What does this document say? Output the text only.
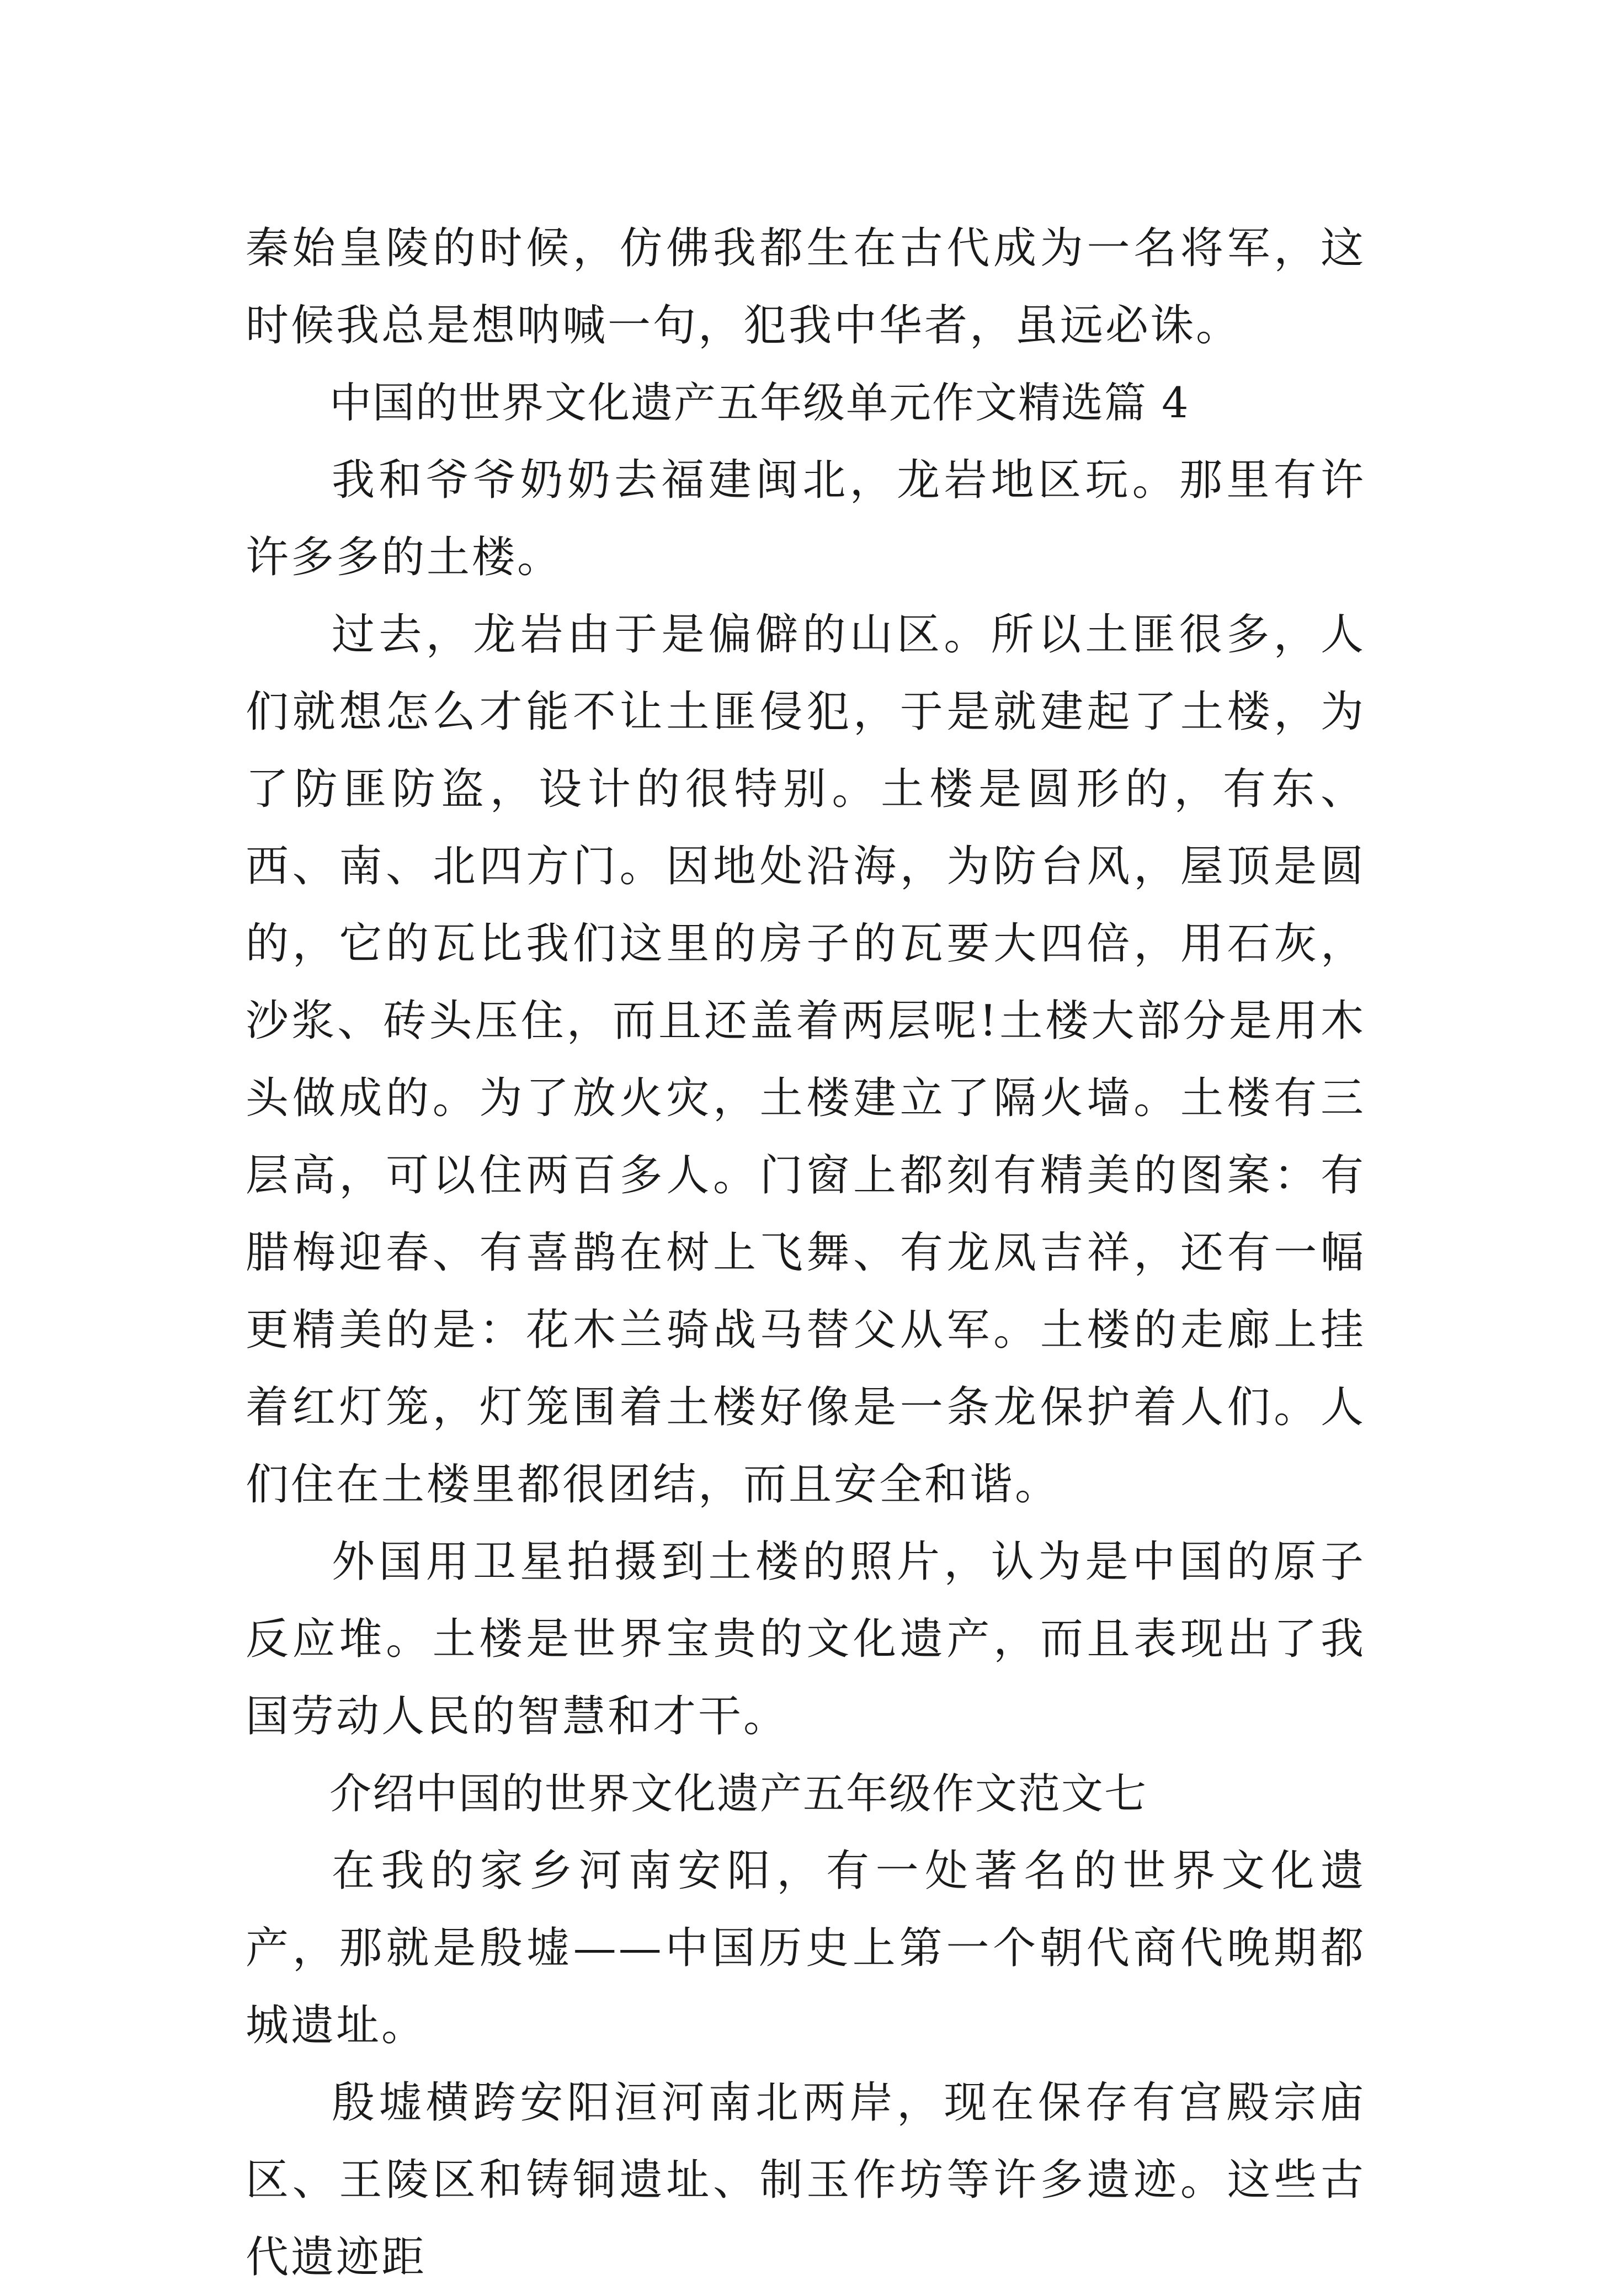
秦始皇陵的时候，仿佛我都生在古代成为一名将军，这时候我总是想呐喊一句，犯我中华者，虽远必诛。

中国的世界文化遗产五年级单元作文精选篇 4

我和爷爷奶奶去福建闽北，龙岩地区玩。那里有许许多多的土楼。

过去，龙岩由于是偏僻的山区。所以土匪很多，人们就想怎么才能不让土匪侵犯，于是就建起了土楼，为了防匪防盗，设计的很特别。土楼是圆形的，有东、西、南、北四方门。因地处沿海，为防台风，屋顶是圆的，它的瓦比我们这里的房子的瓦要大四倍，用石灰，沙浆、砖头压住，而且还盖着两层呢!土楼大部分是用木头做成的。为了放火灾，土楼建立了隔火墙。土楼有三层高，可以住两百多人。门窗上都刻有精美的图案：有腊梅迎春、有喜鹊在树上飞舞、有龙凤吉祥，还有一幅更精美的是：花木兰骑战马替父从军。土楼的走廊上挂着红灯笼，灯笼围着土楼好像是一条龙保护着人们。人们住在土楼里都很团结，而且安全和谐。

外国用卫星拍摄到土楼的照片，认为是中国的原子反应堆。土楼是世界宝贵的文化遗产，而且表现出了我国劳动人民的智慧和才干。

介绍中国的世界文化遗产五年级作文范文七

在我的家乡河南安阳，有一处著名的世界文化遗产，那就是殷墟——中国历史上第一个朝代商代晚期都城遗址。

殷墟横跨安阳洹河南北两岸，现在保存有宫殿宗庙区、王陵区和铸铜遗址、制玉作坊等许多遗迹。这些古代遗迹距
